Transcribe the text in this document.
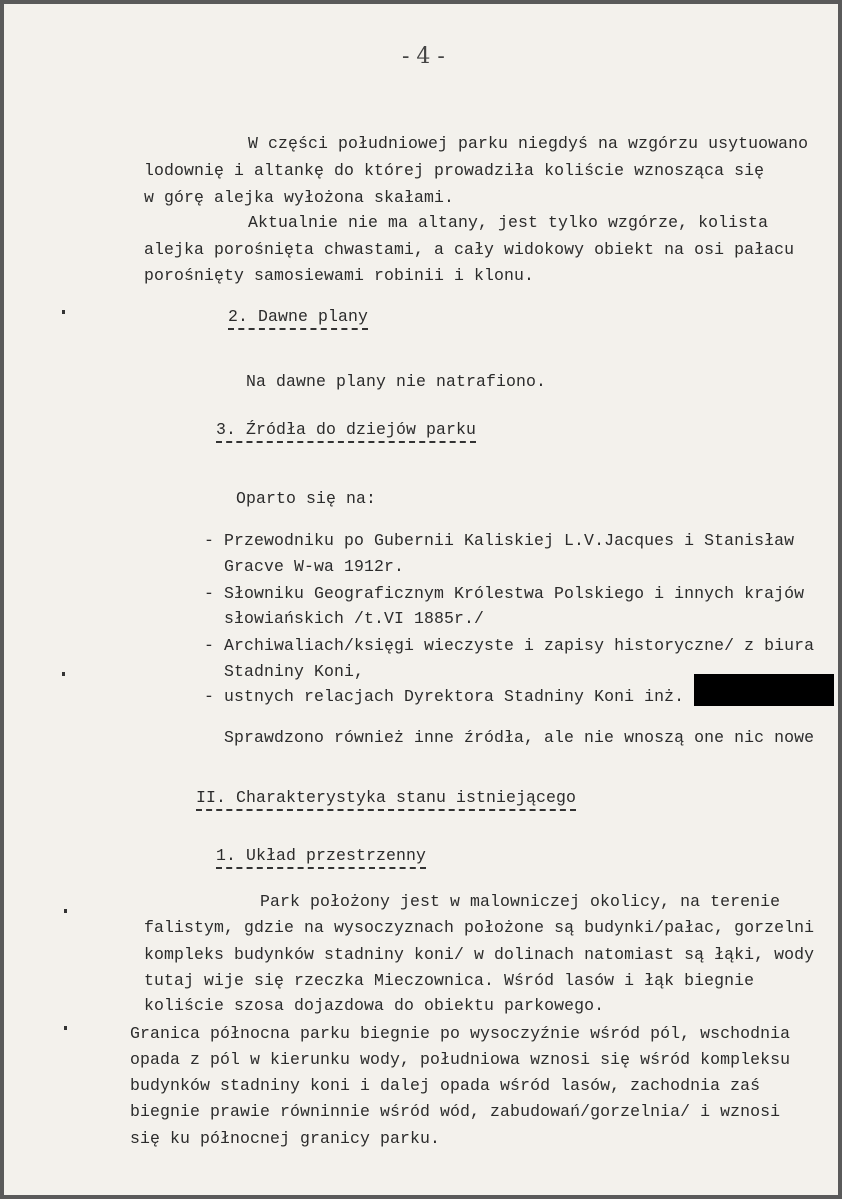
- 4 -
W części południowej parku niegdyś na wzgórzu usytuowano
lodownię i altankę do której prowadziła koliście wznosząca się
w górę alejka wyłożona skałami.
Aktualnie nie ma altany, jest tylko wzgórze, kolista
alejka porośnięta chwastami, a cały widokowy obiekt na osi pałacu
porośnięty samosiewami robinii i klonu.
2. Dawne plany
Na dawne plany nie natrafiono.
3. Źródła do dziejów parku
Oparto się na:
- Przewodniku po Gubernii Kaliskiej L.V.Jacques i Stanisław
Gracve W-wa 1912r.
- Słowniku Geograficznym Królestwa Polskiego i innych krajów
słowiańskich /t.VI 1885r./
- Archiwaliach/księgi wieczyste i zapisy historyczne/ z biura
Stadniny Koni,
- ustnych relacjach Dyrektora Stadniny Koni inż.
Sprawdzono również inne źródła, ale nie wnoszą one nic nowe
II. Charakterystyka stanu istniejącego
1. Układ przestrzenny
Park położony jest w malowniczej okolicy, na terenie
falistym, gdzie na wysoczyznach położone są budynki/pałac, gorzelni
kompleks budynków stadniny koni/ w dolinach natomiast są łąki, wody
tutaj wije się rzeczka Mieczownica. Wśród lasów i łąk biegnie
koliście szosa dojazdowa do obiektu parkowego.
Granica północna parku biegnie po wysoczyźnie wśród pól, wschodnia
opada z pól w kierunku wody, południowa wznosi się wśród kompleksu
budynków stadniny koni i dalej opada wśród lasów, zachodnia zaś
biegnie prawie równinnie wśród wód, zabudowań/gorzelnia/ i wznosi
się ku północnej granicy parku.
